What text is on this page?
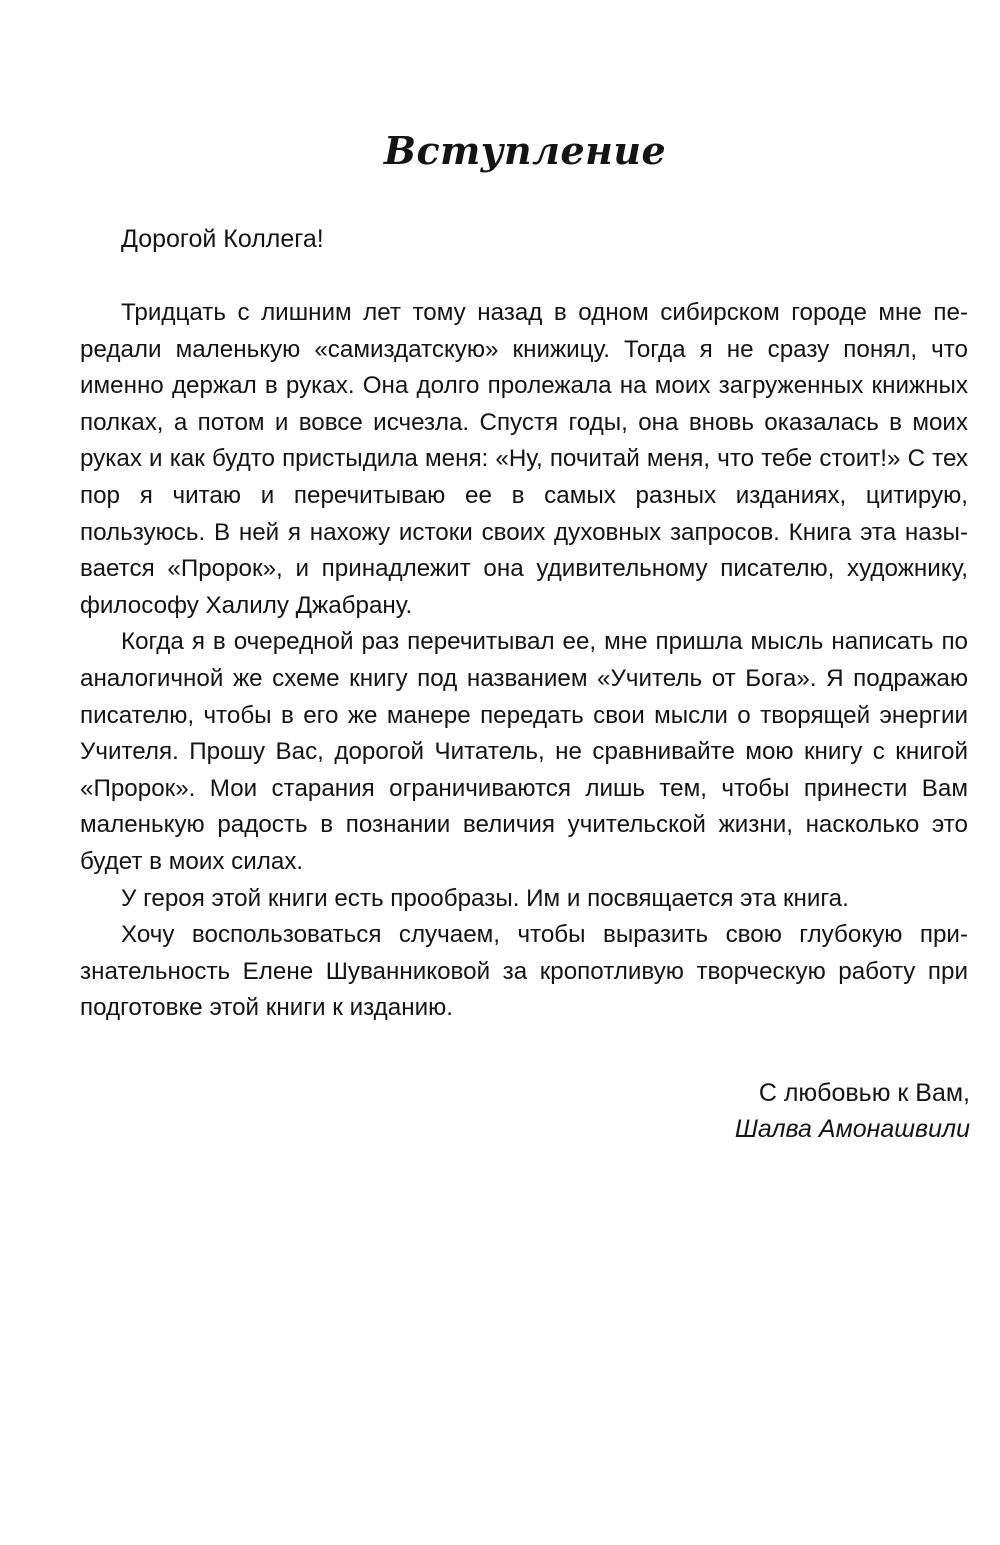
Вступление
Дорогой Коллега!

Тридцать с лишним лет тому назад в одном сибирском городе мне передали маленькую «самиздатскую» книжицу. Тогда я не сразу понял, что именно держал в руках. Она долго пролежала на моих загруженных книжных полках, а потом и вовсе исчезла. Спустя годы, она вновь оказалась в моих руках и как будто пристыдила меня: «Ну, почитай меня, что тебе стоит!» С тех пор я читаю и перечитываю ее в самых разных изданиях, цитирую, пользуюсь. В ней я нахожу истоки своих духовных запросов. Книга эта называется «Пророк», и принадлежит она удивительному писателю, художнику, философу Халилу Джабрану.

Когда я в очередной раз перечитывал ее, мне пришла мысль написать по аналогичной же схеме книгу под названием «Учитель от Бога». Я подражаю писателю, чтобы в его же манере передать свои мысли о творящей энергии Учителя. Прошу Вас, дорогой Читатель, не сравнивайте мою книгу с книгой «Пророк». Мои старания ограничиваются лишь тем, чтобы принести Вам маленькую радость в познании величия учительской жизни, насколько это будет в моих силах.

У героя этой книги есть прообразы. Им и посвящается эта книга.

Хочу воспользоваться случаем, чтобы выразить свою глубокую признательность Елене Шуванниковой за кропотливую творческую работу при подготовке этой книги к изданию.

С любовью к Вам,
Шалва Амонашвили
